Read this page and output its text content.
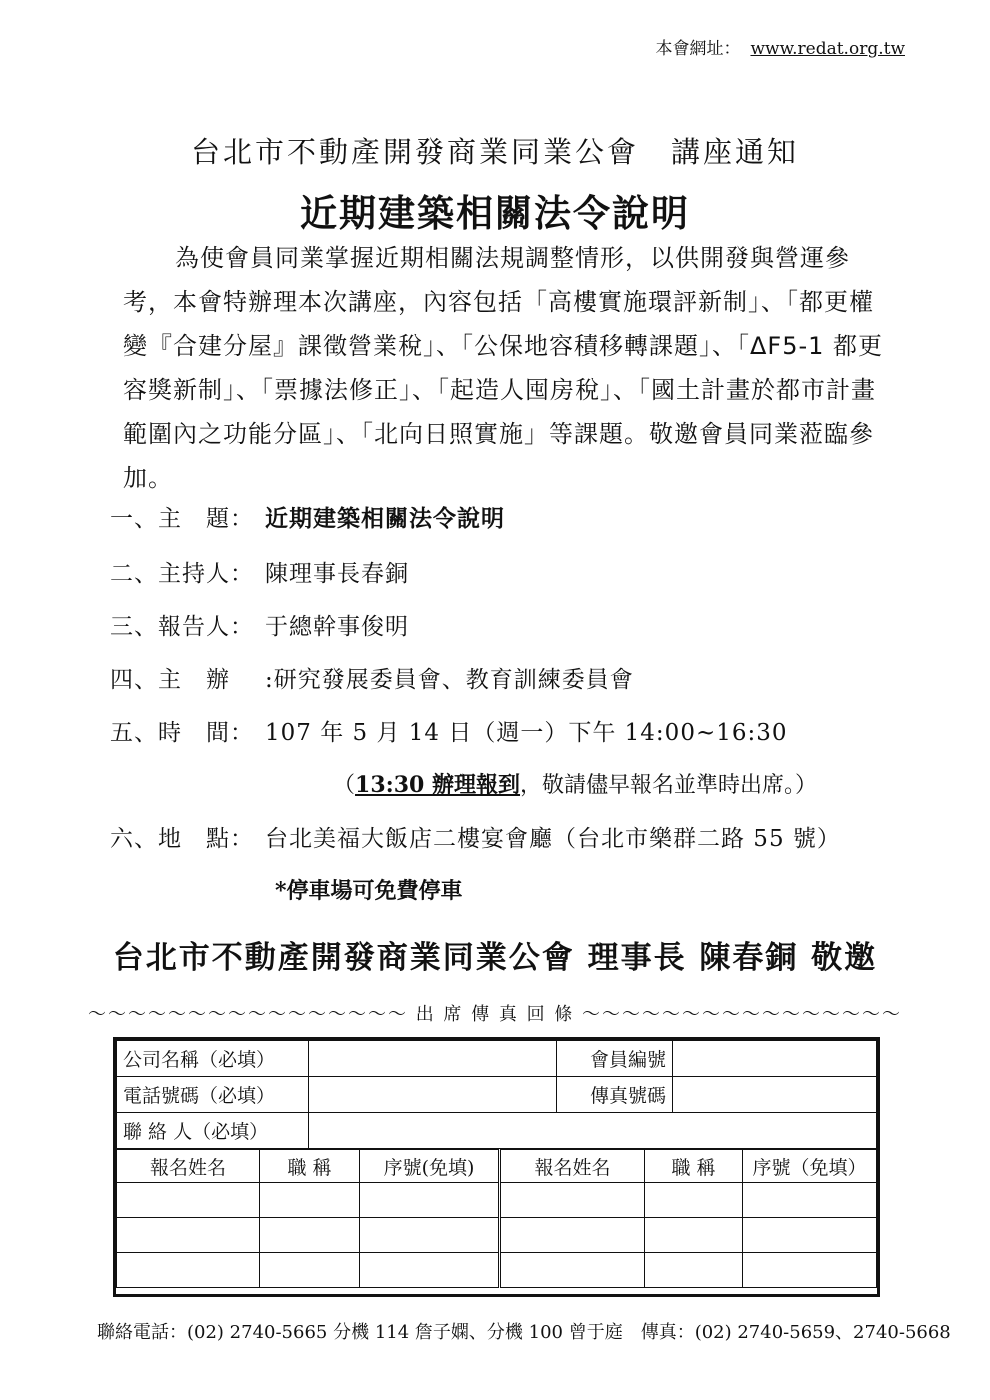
本會網址： www.redat.org.tw
台北市不動產開發商業同業公會　講座通知
近期建築相關法令說明
為使會員同業掌握近期相關法規調整情形，以供開發與營運參考，本會特辦理本次講座，內容包括「高樓實施環評新制」、「都更權變『合建分屋』課徵營業稅」、「公保地容積移轉課題」、「ΔF5-1 都更容獎新制」、「票據法修正」、「起造人囤房稅」、「國土計畫於都市計畫範圍內之功能分區」、「北向日照實施」等課題。敬邀會員同業蒞臨參加。
一、主　題： 近期建築相關法令說明
二、主持人： 陳理事長春銅
三、報告人： 于總幹事俊明
四、主　辦 :研究發展委員會、教育訓練委員會
五、時　間： 107 年 5 月 14 日（週一）下午 14:00~16:30
（13:30 辦理報到，敬請儘早報名並準時出席。）
六、地　點： 台北美福大飯店二樓宴會廳（台北市樂群二路 55 號）
*停車場可免費停車
台北市不動產開發商業同業公會 理事長 陳春銅 敬邀
～～～～～～～～～～～～～～～～ 出 席 傳 真 回 條 ～～～～～～～～～～～～～～～～
公司名稱（必填）		會員編號	
電話號碼（必填）		傳真號碼	
聯 絡 人（必填）			
報名姓名	職 稱	序號(免填)	報名姓名	職 稱	序號（免填）

聯絡電話：(02) 2740-5665 分機 114 詹子嫻、分機 100 曾于庭　傳真：(02) 2740-5659、2740-5668
